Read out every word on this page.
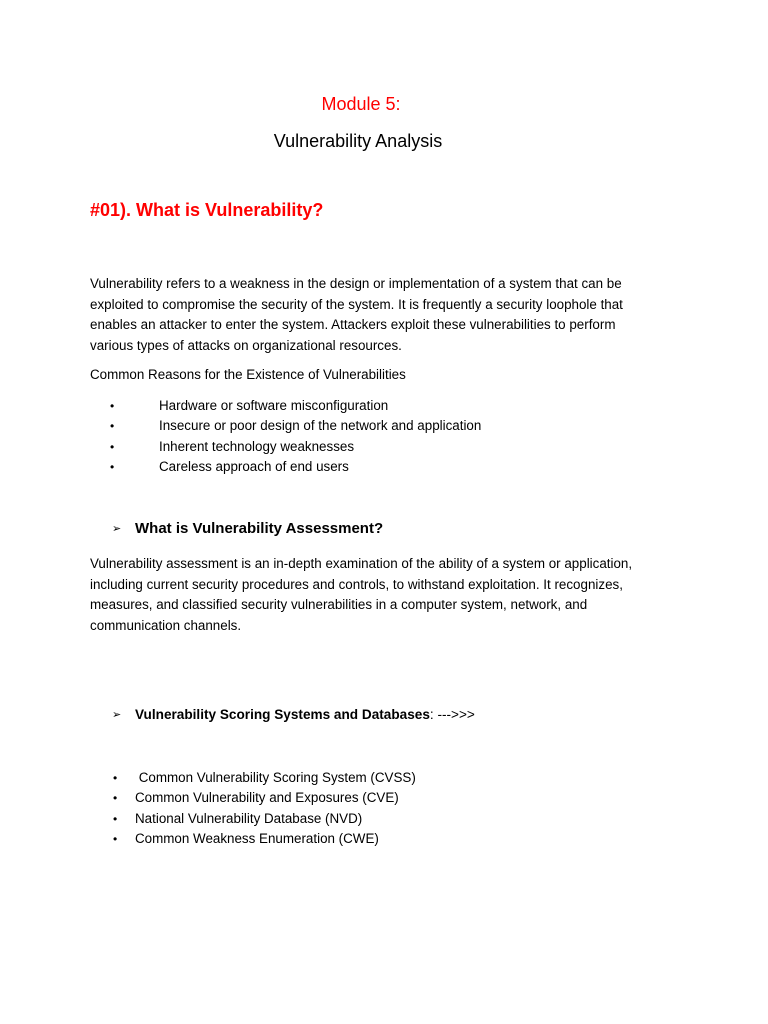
Module 5:
Vulnerability Analysis
#01). What is Vulnerability?
Vulnerability refers to a weakness in the design or implementation of a system that can be
exploited to compromise the security of the system. It is frequently a security loophole that
enables an attacker to enter the system. Attackers exploit these vulnerabilities to perform
various types of attacks on organizational resources.
Common Reasons for the Existence of Vulnerabilities
•	Hardware or software misconfiguration
•	Insecure or poor design of the network and application
•	Inherent technology weaknesses
•	Careless approach of end users
➢ What is Vulnerability Assessment?
Vulnerability assessment is an in-depth examination of the ability of a system or application,
including current security procedures and controls, to withstand exploitation. It recognizes,
measures, and classified security vulnerabilities in a computer system, network, and
communication channels.
➢ Vulnerability Scoring Systems and Databases: --->>>
• Common Vulnerability Scoring System (CVSS)
• Common Vulnerability and Exposures (CVE)
• National Vulnerability Database (NVD)
• Common Weakness Enumeration (CWE)
